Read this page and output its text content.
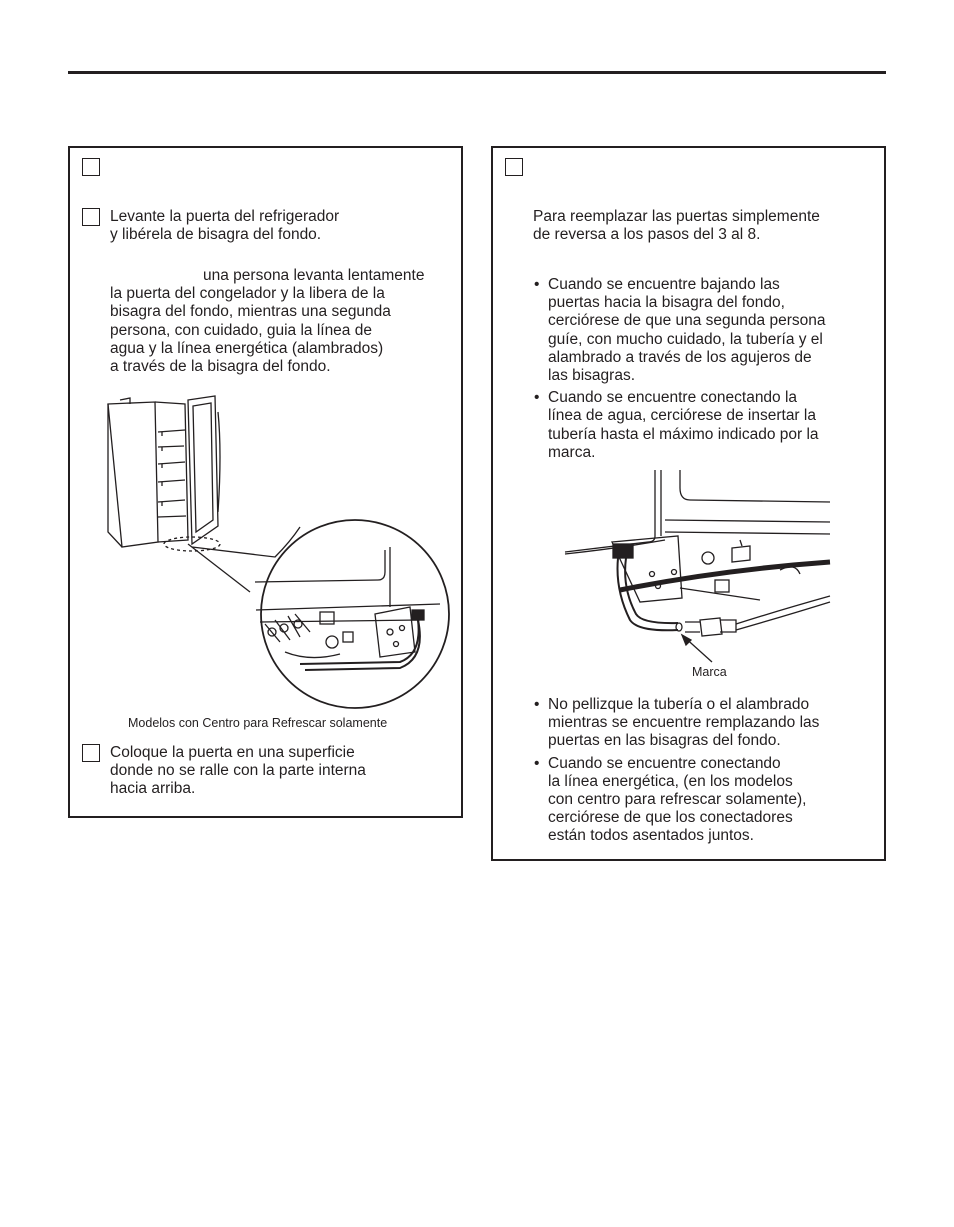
Levante la puerta del refrigerador
y libérela de bisagra del fondo.
una persona levanta lentamente
la puerta del congelador y la libera de la
bisagra del fondo, mientras una segunda
persona, con cuidado, guia la línea de
agua y la línea energética (alambrados)
a través de la bisagra del fondo.
Modelos con Centro para Refrescar solamente
Coloque la puerta en una superficie
donde no se ralle con la parte interna
hacia arriba.
Para reemplazar las puertas simplemente
de reversa a los pasos del 3 al 8.
• Cuando se encuentre bajando las
puertas hacia la bisagra del fondo,
cerciórese de que una segunda persona
guíe, con mucho cuidado, la tubería y el
alambrado a través de los agujeros de
las bisagras.
• Cuando se encuentre conectando la
línea de agua, cerciórese de insertar la
tubería hasta el máximo indicado por la
marca.
Marca
• No pellizque la tubería o el alambrado
mientras se encuentre remplazando las
puertas en las bisagras del fondo.
• Cuando se encuentre conectando
la línea energética, (en los modelos
con centro para refrescar solamente),
cerciórese de que los conectadores
están todos asentados juntos.
